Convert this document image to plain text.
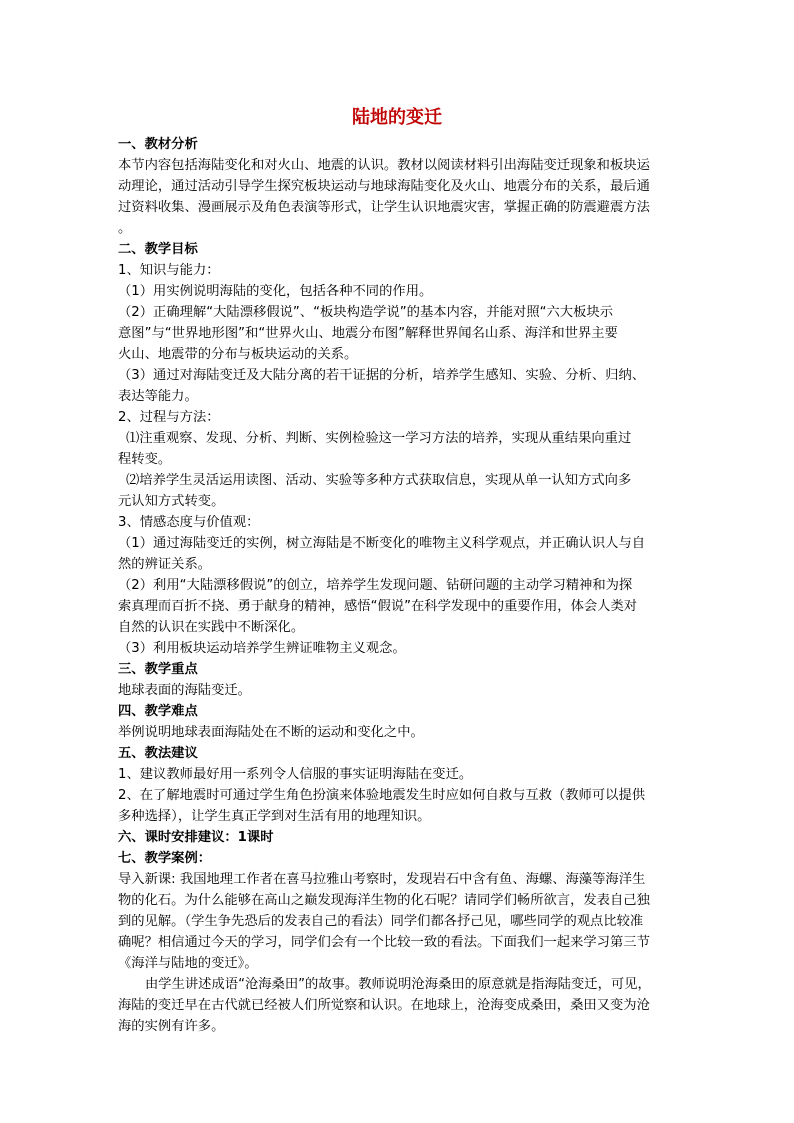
陆地的变迁
一、教材分析
本节内容包括海陆变化和对火山、地震的认识。教材以阅读材料引出海陆变迁现象和板块运
动理论，通过活动引导学生探究板块运动与地球海陆变化及火山、地震分布的关系，最后通
过资料收集、漫画展示及角色表演等形式，让学生认识地震灾害，掌握正确的防震避震方法
。
二、教学目标
1、知识与能力：
（1）用实例说明海陆的变化，包括各种不同的作用。
（2）正确理解“大陆漂移假说”、“板块构造学说”的基本内容，并能对照“六大板块示
意图”与“世界地形图”和“世界火山、地震分布图”解释世界闻名山系、海洋和世界主要
火山、地震带的分布与板块运动的关系。
（3）通过对海陆变迁及大陆分离的若干证据的分析，培养学生感知、实验、分析、归纳、
表达等能力。
2、过程与方法：
⑴注重观察、发现、分析、判断、实例检验这一学习方法的培养，实现从重结果向重过
程转变。
⑵培养学生灵活运用读图、活动、实验等多种方式获取信息，实现从单一认知方式向多
元认知方式转变。
3、情感态度与价值观：
（1）通过海陆变迁的实例，树立海陆是不断变化的唯物主义科学观点，并正确认识人与自
然的辨证关系。
（2）利用“大陆漂移假说”的创立，培养学生发现问题、钻研问题的主动学习精神和为探
索真理而百折不挠、勇于献身的精神，感悟“假说”在科学发现中的重要作用，体会人类对
自然的认识在实践中不断深化。
（3）利用板块运动培养学生辨证唯物主义观念。
三、教学重点
地球表面的海陆变迁。
四、教学难点
举例说明地球表面海陆处在不断的运动和变化之中。
五、教法建议
1、建议教师最好用一系列令人信服的事实证明海陆在变迁。
2、在了解地震时可通过学生角色扮演来体验地震发生时应如何自救与互救（教师可以提供
多种选择），让学生真正学到对生活有用的地理知识。
六、课时安排建议：1课时
七、教学案例：
导入新课: 我国地理工作者在喜马拉雅山考察时，发现岩石中含有鱼、海螺、海藻等海洋生
物的化石。为什么能够在高山之巅发现海洋生物的化石呢？请同学们畅所欲言，发表自己独
到的见解。（学生争先恐后的发表自己的看法）同学们都各抒己见，哪些同学的观点比较准
确呢？相信通过今天的学习，同学们会有一个比较一致的看法。下面我们一起来学习第三节
《海洋与陆地的变迁》。
由学生讲述成语“沧海桑田”的故事。教师说明沧海桑田的原意就是指海陆变迁，可见，
海陆的变迁早在古代就已经被人们所觉察和认识。在地球上，沧海变成桑田，桑田又变为沧
海的实例有许多。
